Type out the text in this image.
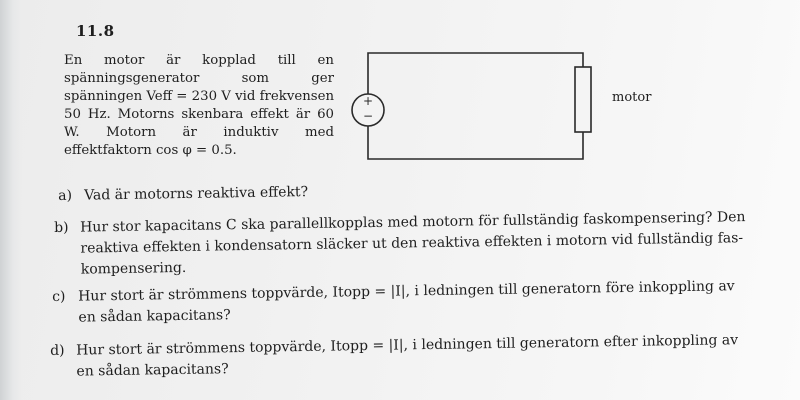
11.8
En motor är kopplad till en spänningsgenerator som ger spänningen Veff = 230 V vid frekvensen 50 Hz. Motorns skenbara effekt är 60 W. Motorn är induktiv med effektfaktorn cos φ = 0.5.
+
−
motor
a) Vad är motorns reaktiva effekt?
b) Hur stor kapacitans C ska parallellkopplas med motorn för fullständig faskompensering? Den
reaktiva effekten i kondensatorn släcker ut den reaktiva effekten i motorn vid fullständig fas-
kompensering.
c) Hur stort är strömmens toppvärde, Itopp = |I|, i ledningen till generatorn före inkoppling av
en sådan kapacitans?
d) Hur stort är strömmens toppvärde, Itopp = |I|, i ledningen till generatorn efter inkoppling av
en sådan kapacitans?
